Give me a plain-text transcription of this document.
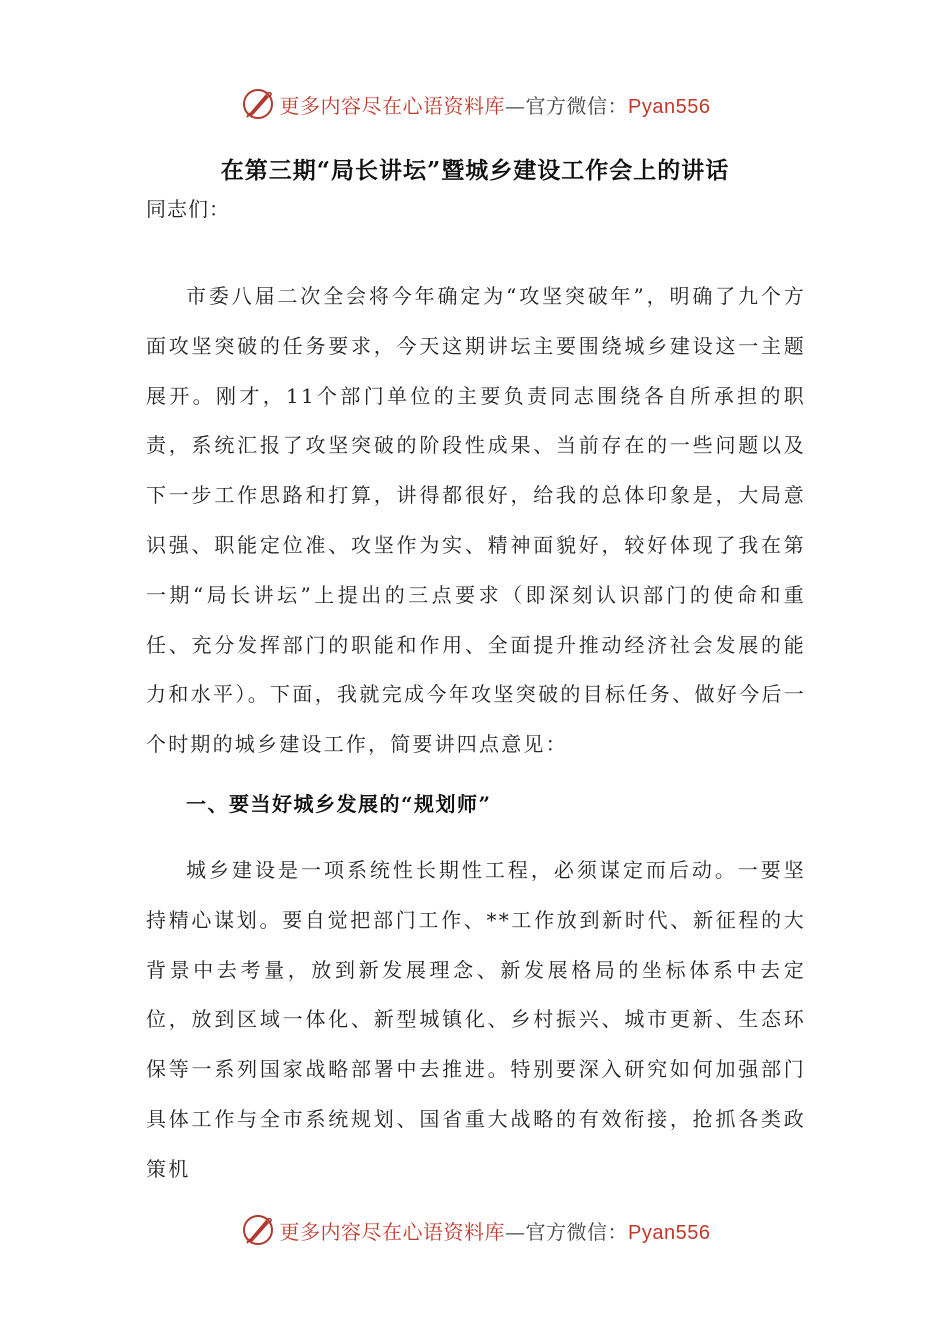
更多内容尽在心语资料库—官方微信：Pyan556
在第三期“局长讲坛”暨城乡建设工作会上的讲话
同志们：

市委八届二次全会将今年确定为“攻坚突破年”，明确了九个方面攻坚突破的任务要求，今天这期讲坛主要围绕城乡建设这一主题展开。刚才，11个部门单位的主要负责同志围绕各自所承担的职责，系统汇报了攻坚突破的阶段性成果、当前存在的一些问题以及下一步工作思路和打算，讲得都很好，给我的总体印象是，大局意识强、职能定位准、攻坚作为实、精神面貌好，较好体现了我在第一期“局长讲坛”上提出的三点要求（即深刻认识部门的使命和重任、充分发挥部门的职能和作用、全面提升推动经济社会发展的能力和水平）。下面，我就完成今年攻坚突破的目标任务、做好今后一个时期的城乡建设工作，简要讲四点意见：

一、要当好城乡发展的“规划师”

城乡建设是一项系统性长期性工程，必须谋定而后动。一要坚持精心谋划。要自觉把部门工作、**工作放到新时代、新征程的大背景中去考量，放到新发展理念、新发展格局的坐标体系中去定位，放到区域一体化、新型城镇化、乡村振兴、城市更新、生态环保等一系列国家战略部署中去推进。特别要深入研究如何加强部门具体工作与全市系统规划、国省重大战略的有效衔接，抢抓各类政策机

更多内容尽在心语资料库—官方微信：Pyan556
